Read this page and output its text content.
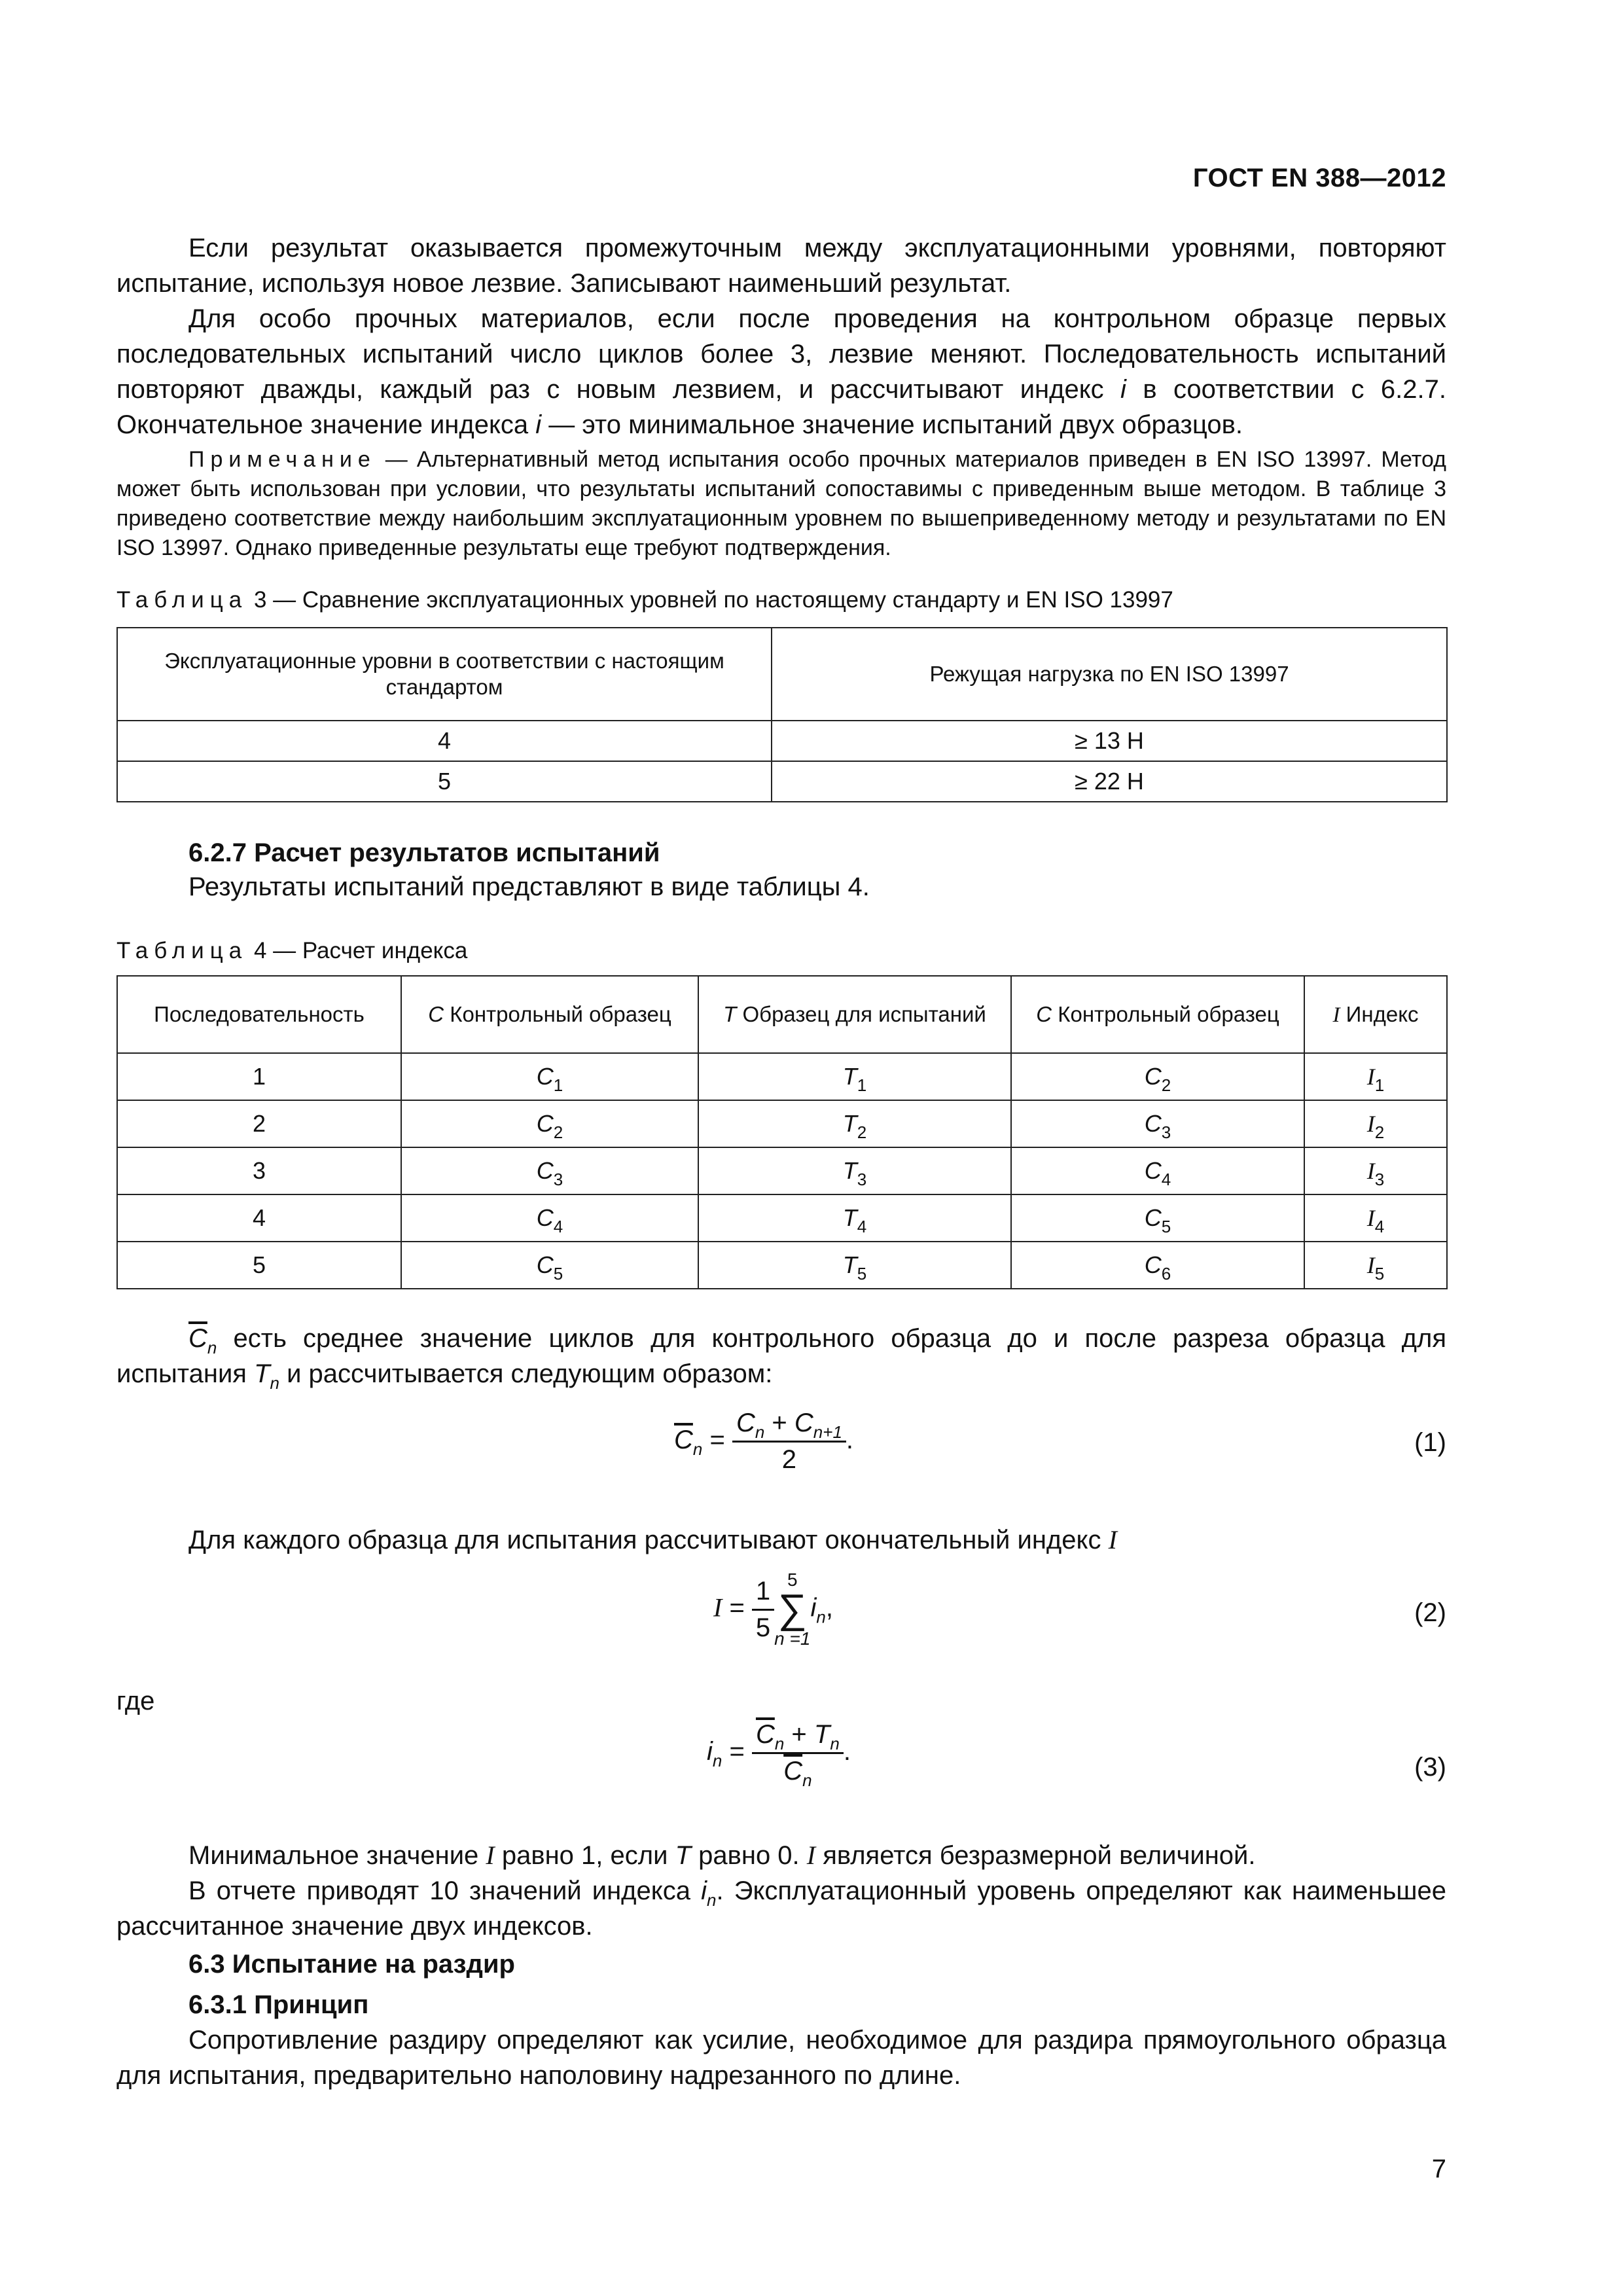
ГОСТ EN 388—2012

Если результат оказывается промежуточным между эксплуатационными уровнями, повторяют испытание, используя новое лезвие. Записывают наименьший результат.

Для особо прочных материалов, если после проведения на контрольном образце первых последовательных испытаний число циклов более 3, лезвие меняют. Последовательность испытаний повторяют дважды, каждый раз с новым лезвием, и рассчитывают индекс i в соответствии с 6.2.7. Окончательное значение индекса i — это минимальное значение испытаний двух образцов.

Примечание — Альтернативный метод испытания особо прочных материалов приведен в EN ISO 13997. Метод может быть использован при условии, что результаты испытаний сопоставимы с приведенным выше методом. В таблице 3 приведено соответствие между наибольшим эксплуатационным уровнем по вышеприведенному методу и результатами по EN ISO 13997. Однако приведенные результаты еще требуют подтверждения.

Таблица 3 — Сравнение эксплуатационных уровней по настоящему стандарту и EN ISO 13997
Эксплуатационные уровни в соответствии с настоящим стандартом	Режущая нагрузка по EN ISO 13997
4	≥ 13 Н
5	≥ 22 Н
6.2.7 Расчет результатов испытаний
Результаты испытаний представляют в виде таблицы 4.
Таблица 4 — Расчет индекса
Последовательность	C Контрольный образец	T Образец для испытаний	C Контрольный образец	I Индекс
1	$C_1$	$T_1$	$C_2$	$I_1$
2	$C_2$	$T_2$	$C_3$	$I_2$
3	$C_3$	$T_3$	$C_4$	$I_3$
4	$C_4$	$T_4$	$C_5$	$I_4$
5	$C_5$	$T_5$	$C_6$	$I_5$

$\overline{C}_n$ есть среднее значение циклов для контрольного образца до и после разреза образца для испытания $T_n$ и рассчитывается следующим образом:

$\overline{C}_n = \frac{C_n + C_{n+1}}{2}$ .	(1)

Для каждого образца для испытания рассчитывают окончательный индекс I

$I = \frac{1}{5} 5$
∑
n =1
$i_n$,	(2)
где
$i_n = \frac{\overline{C}_n + T_n}{\overline{C}_n}$ .
(3)

Минимальное значение I равно 1, если T равно 0. I является безразмерной величиной.

В отчете приводят 10 значений индекса $i_n$. Эксплуатационный уровень определяют как наименьшее рассчитанное значение двух индексов.

6.3 Испытание на раздир
6.3.1 Принцип

Сопротивление раздиру определяют как усилие, необходимое для раздира прямоугольного образца для испытания, предварительно наполовину надрезанного по длине.

7
